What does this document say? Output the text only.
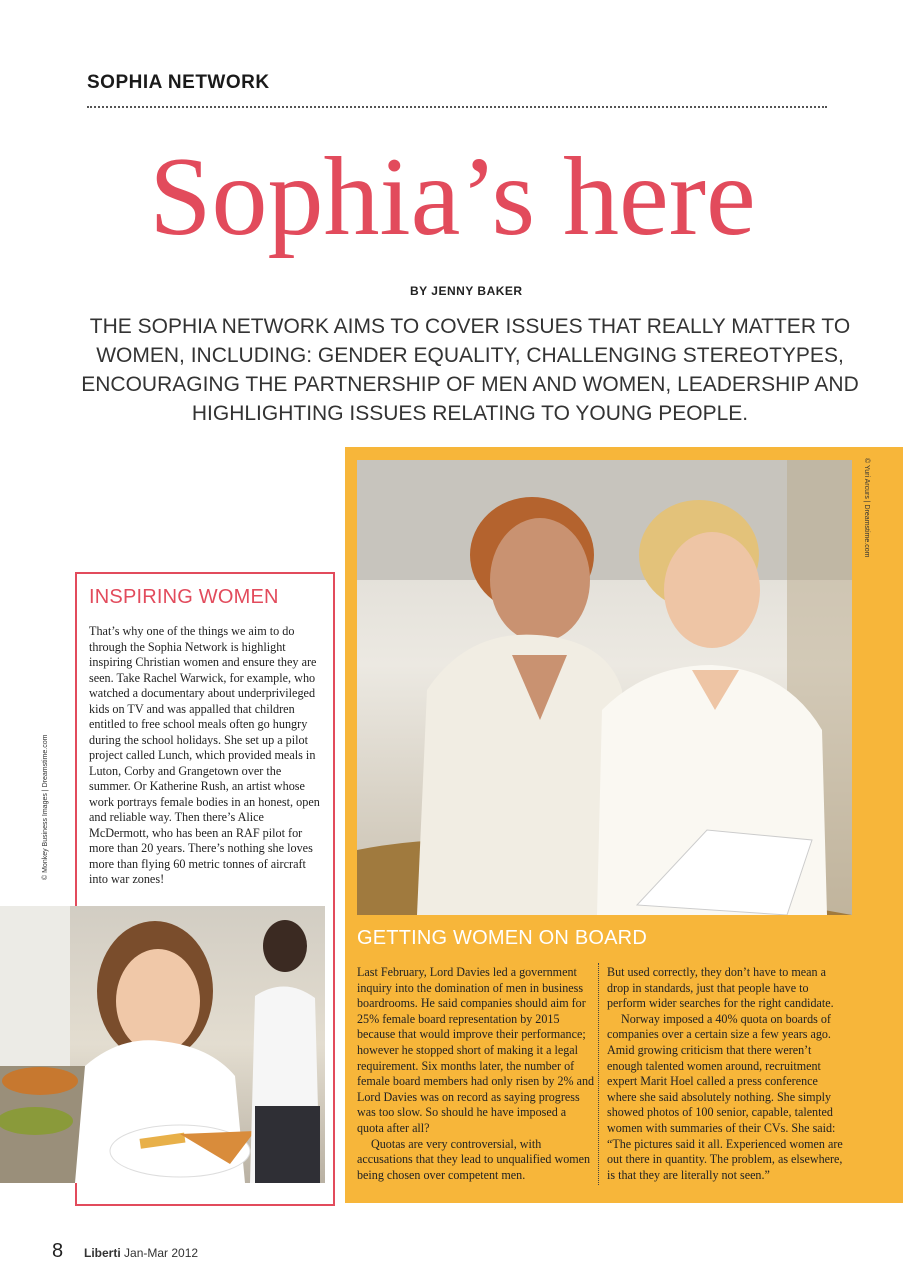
SOPHIA NETWORK
Sophia’s here
BY JENNY BAKER
THE SOPHIA NETWORK AIMS TO COVER ISSUES THAT REALLY MATTER TO WOMEN, INCLUDING: GENDER EQUALITY, CHALLENGING STEREOTYPES, ENCOURAGING THE PARTNERSHIP OF MEN AND WOMEN, LEADERSHIP AND HIGHLIGHTING ISSUES RELATING TO YOUNG PEOPLE.
© Monkey Business Images | Dreamstime.com
GETTING WOMEN ON BOARD

Last February, Lord Davies led a government inquiry into the domination of men in business boardrooms. He said companies should aim for 25% female board representation by 2015 because that would improve their performance; however he stopped short of making it a legal requirement. Six months later, the number of female board members had only risen by 2% and Lord Davies was on record as saying progress was too slow. So should he have imposed a quota after all?

Quotas are very controversial, with accusations that they lead to unqualified women being chosen over competent men.

But used correctly, they don’t have to mean a drop in standards, just that people have to perform wider searches for the right candidate.

Norway imposed a 40% quota on boards of companies over a certain size a few years ago. Amid growing criticism that there weren’t enough talented women around, recruitment expert Marit Hoel called a press conference where she said absolutely nothing. She simply showed photos of 100 senior, capable, talented women with summaries of their CVs. She said: “The pictures said it all. Experienced women are out there in quantity. The problem, as elsewhere, is that they are literally not seen.”

© Yuri Arcurs | Dreamstime.com
INSPIRING WOMEN

That’s why one of the things we aim to do through the Sophia Network is highlight inspiring Christian women and ensure they are seen. Take Rachel Warwick, for example, who watched a documentary about underprivileged kids on TV and was appalled that children entitled to free school meals often go hungry during the school holidays. She set up a pilot project called Lunch, which provided meals in Luton, Corby and Grangetown over the summer. Or Katherine Rush, an artist whose work portrays female bodies in an honest, open and reliable way. Then there’s Alice McDermott, who has been an RAF pilot for more than 20 years. There’s nothing she loves more than flying 60 metric tonnes of aircraft into war zones!

8 Liberti Jan-Mar 2012
